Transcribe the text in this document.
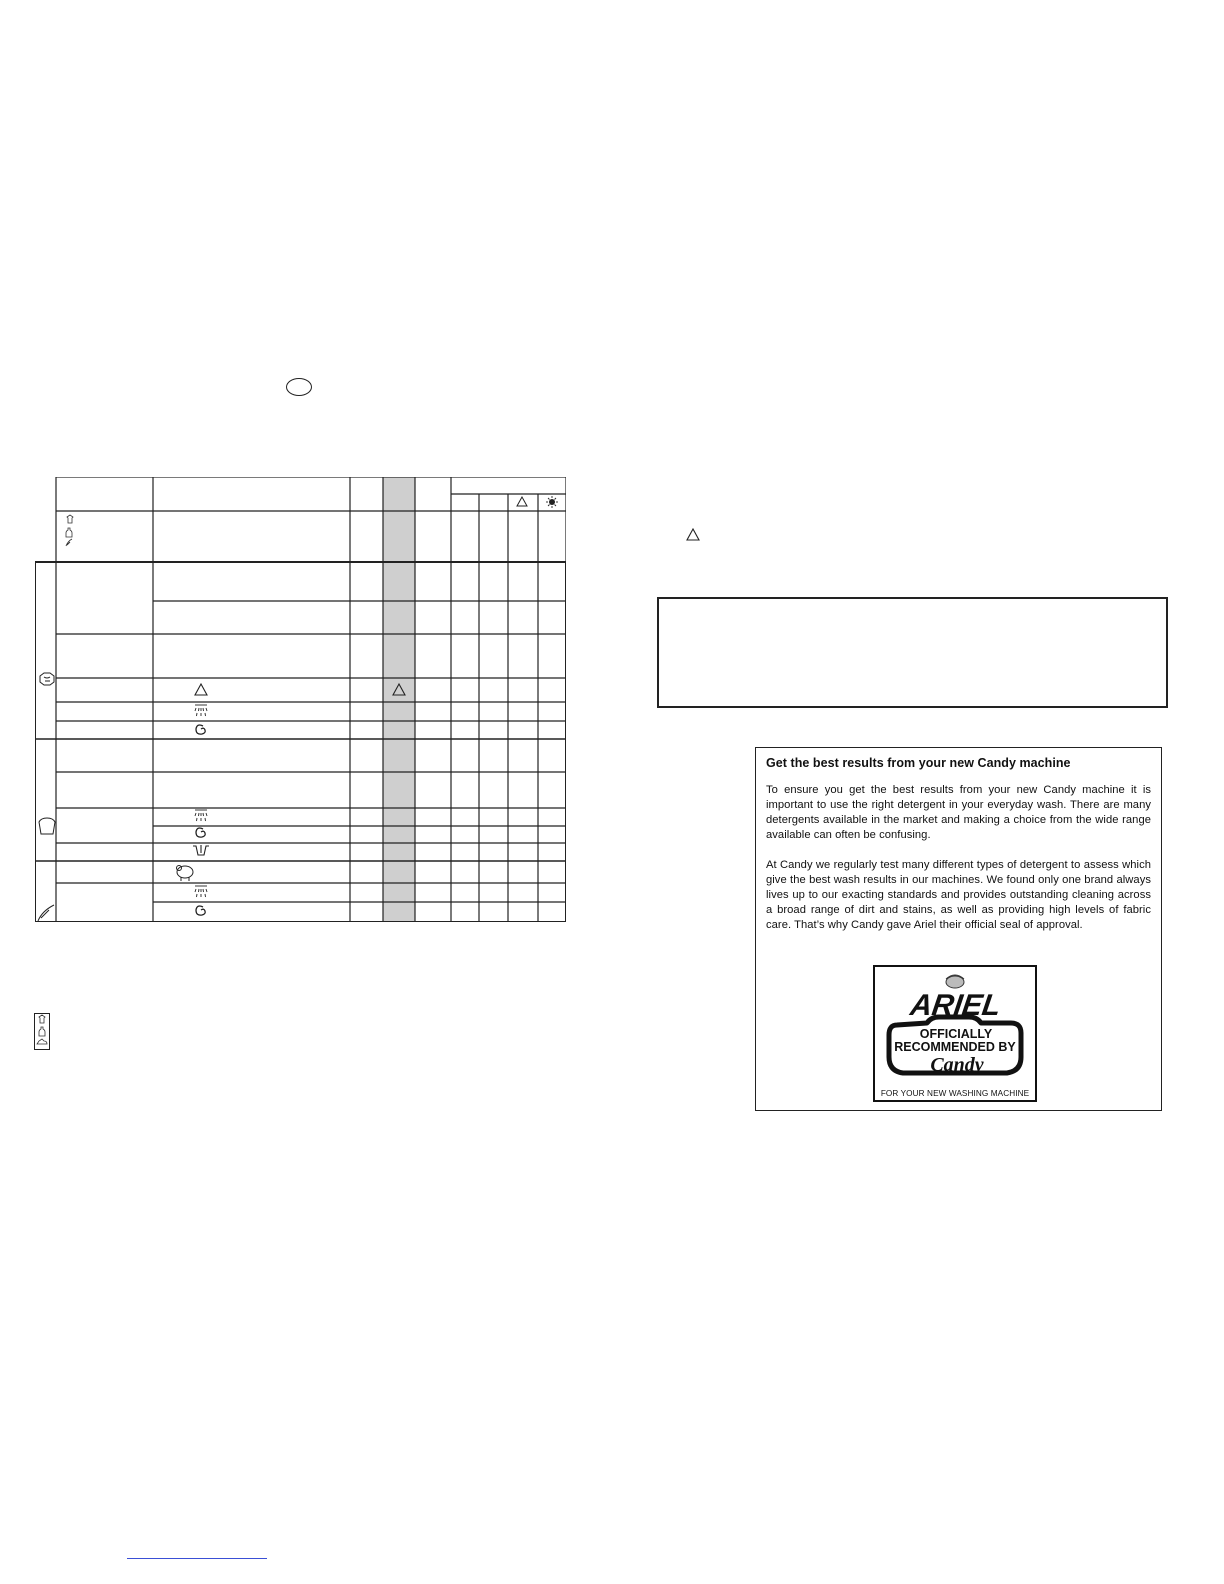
Get the best results from your new Candy machine

To ensure you get the best results from your new Candy machine it is important to use the right detergent in your everyday wash. There are many detergents available in the market and making a choice from the wide range available can often be confusing.

At Candy we regularly test many different types of detergent to assess which give the best wash results in our machines. We found only one brand always lives up to our exacting standards and provides outstanding cleaning across a broad range of dirt and stains, as well as providing high levels of fabric care. That’s why Candy gave Ariel their official seal of approval.

ARIEL
OFFICIALLY
RECOMMENDED BY
Candy
FOR YOUR NEW WASHING MACHINE
